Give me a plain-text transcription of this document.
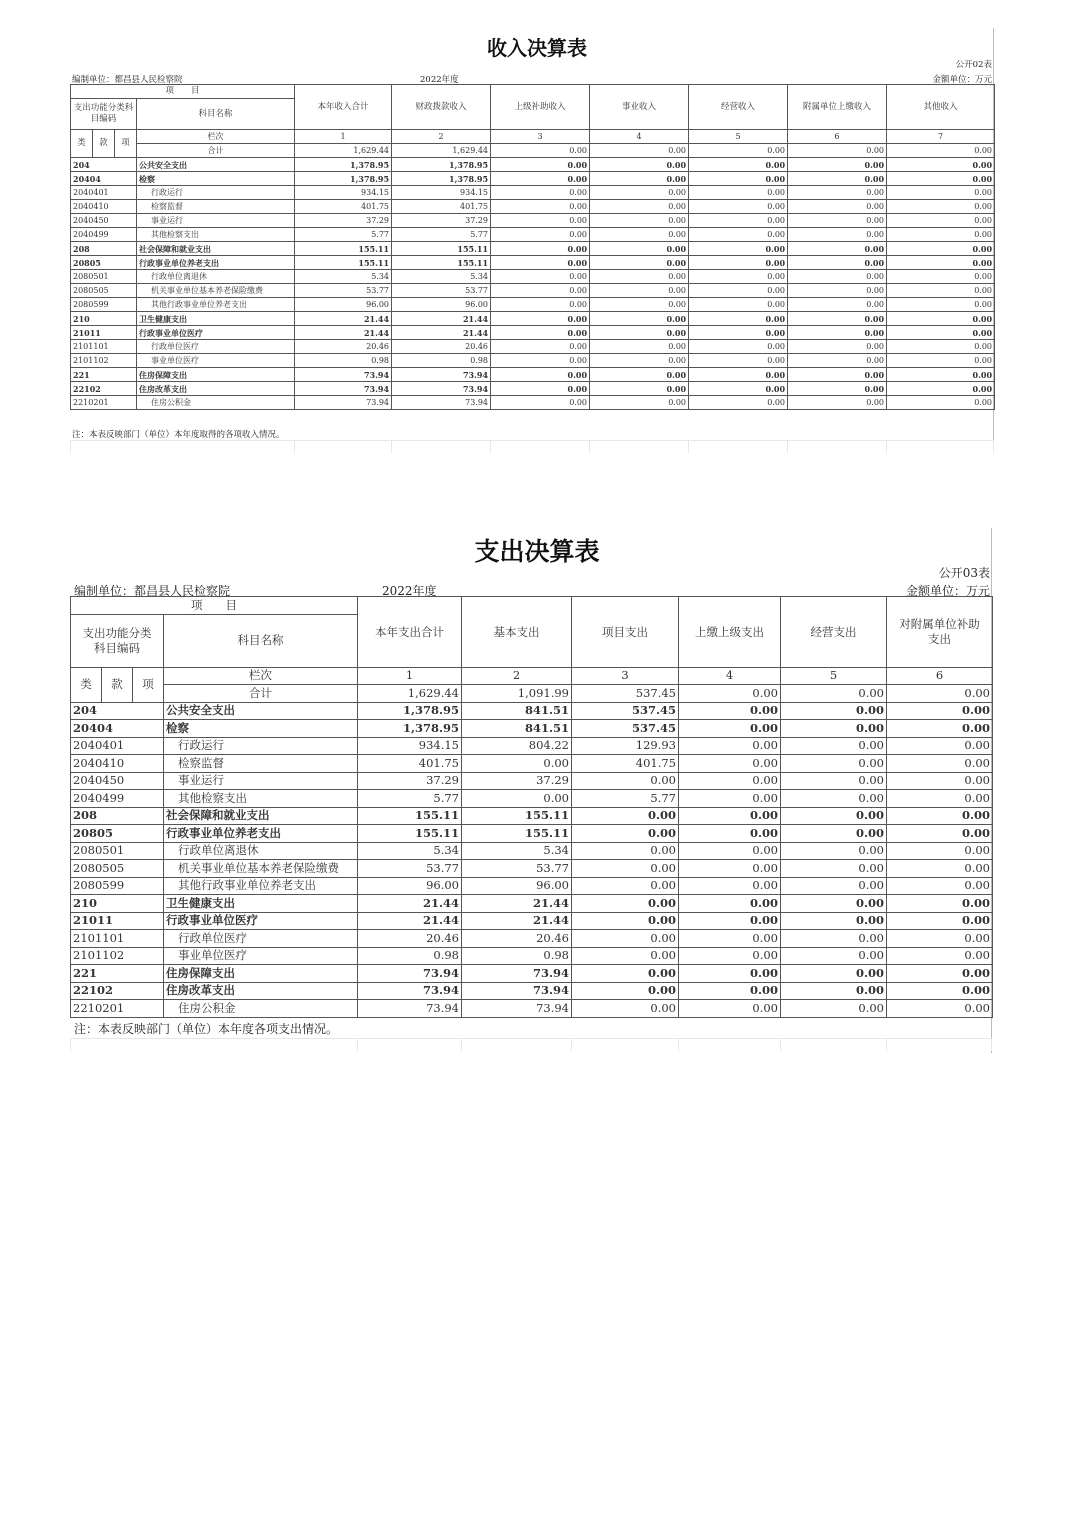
收入决算表
公开02表
编制单位：都昌县人民检察院	2022年度	金额单位：万元
项　　目				本年收入合计	财政拨款收入	上级补助收入	事业收入	经营收入	附属单位上缴收入	其他收入
支出功能分类科目编码			科目名称							

类	款	项	栏次	1	2	3	4	5	6	7
			合计	1,629.44	1,629.44	0.00	0.00	0.00	0.00	0.00
204			公共安全支出	1,378.95	1,378.95	0.00	0.00	0.00	0.00	0.00
20404			检察	1,378.95	1,378.95	0.00	0.00	0.00	0.00	0.00
2040401			行政运行	934.15	934.15	0.00	0.00	0.00	0.00	0.00
2040410			检察监督	401.75	401.75	0.00	0.00	0.00	0.00	0.00
2040450			事业运行	37.29	37.29	0.00	0.00	0.00	0.00	0.00
2040499			其他检察支出	5.77	5.77	0.00	0.00	0.00	0.00	0.00
208			社会保障和就业支出	155.11	155.11	0.00	0.00	0.00	0.00	0.00
20805			行政事业单位养老支出	155.11	155.11	0.00	0.00	0.00	0.00	0.00
2080501			行政单位离退休	5.34	5.34	0.00	0.00	0.00	0.00	0.00
2080505			机关事业单位基本养老保险缴费	53.77	53.77	0.00	0.00	0.00	0.00	0.00
2080599			其他行政事业单位养老支出	96.00	96.00	0.00	0.00	0.00	0.00	0.00
210			卫生健康支出	21.44	21.44	0.00	0.00	0.00	0.00	0.00
21011			行政事业单位医疗	21.44	21.44	0.00	0.00	0.00	0.00	0.00
2101101			行政单位医疗	20.46	20.46	0.00	0.00	0.00	0.00	0.00
2101102			事业单位医疗	0.98	0.98	0.00	0.00	0.00	0.00	0.00
221			住房保障支出	73.94	73.94	0.00	0.00	0.00	0.00	0.00
22102			住房改革支出	73.94	73.94	0.00	0.00	0.00	0.00	0.00
2210201			住房公积金	73.94	73.94	0.00	0.00	0.00	0.00	0.00
注：本表反映部门（单位）本年度取得的各项收入情况。
支出决算表
公开03表
编制单位：都昌县人民检察院	2022年度	金额单位：万元
项　　目				本年支出合计	基本支出	项目支出	上缴上级支出	经营支出	对附属单位补助支出
支出功能分类科目编码			科目名称						

类	款	项	栏次	1	2	3	4	5	6
			合计	1,629.44	1,091.99	537.45	0.00	0.00	0.00
204			公共安全支出	1,378.95	841.51	537.45	0.00	0.00	0.00
20404			检察	1,378.95	841.51	537.45	0.00	0.00	0.00
2040401			行政运行	934.15	804.22	129.93	0.00	0.00	0.00
2040410			检察监督	401.75	0.00	401.75	0.00	0.00	0.00
2040450			事业运行	37.29	37.29	0.00	0.00	0.00	0.00
2040499			其他检察支出	5.77	0.00	5.77	0.00	0.00	0.00
208			社会保障和就业支出	155.11	155.11	0.00	0.00	0.00	0.00
20805			行政事业单位养老支出	155.11	155.11	0.00	0.00	0.00	0.00
2080501			行政单位离退休	5.34	5.34	0.00	0.00	0.00	0.00
2080505			机关事业单位基本养老保险缴费	53.77	53.77	0.00	0.00	0.00	0.00
2080599			其他行政事业单位养老支出	96.00	96.00	0.00	0.00	0.00	0.00
210			卫生健康支出	21.44	21.44	0.00	0.00	0.00	0.00
21011			行政事业单位医疗	21.44	21.44	0.00	0.00	0.00	0.00
2101101			行政单位医疗	20.46	20.46	0.00	0.00	0.00	0.00
2101102			事业单位医疗	0.98	0.98	0.00	0.00	0.00	0.00
221			住房保障支出	73.94	73.94	0.00	0.00	0.00	0.00
22102			住房改革支出	73.94	73.94	0.00	0.00	0.00	0.00
2210201			住房公积金	73.94	73.94	0.00	0.00	0.00	0.00
注：本表反映部门（单位）本年度各项支出情况。
